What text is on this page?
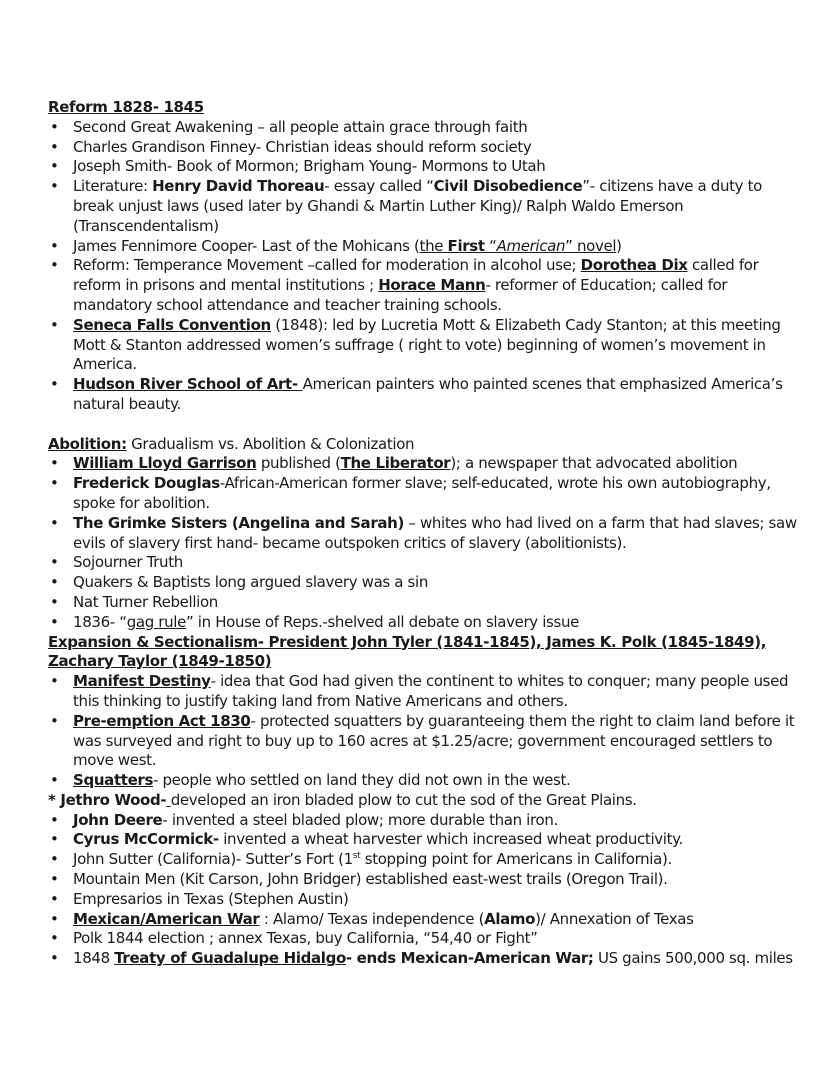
Reform 1828- 1845
• Second Great Awakening – all people attain grace through faith
• Charles Grandison Finney- Christian ideas should reform society
• Joseph Smith- Book of Mormon; Brigham Young- Mormons to Utah
• Literature: Henry David Thoreau- essay called “Civil Disobedience”- citizens have a duty to break unjust laws (used later by Ghandi & Martin Luther King)/ Ralph Waldo Emerson (Transcendentalism)
• James Fennimore Cooper- Last of the Mohicans (the First “American” novel)
• Reform: Temperance Movement –called for moderation in alcohol use; Dorothea Dix called for reform in prisons and mental institutions ; Horace Mann- reformer of Education; called for mandatory school attendance and teacher training schools.
• Seneca Falls Convention (1848): led by Lucretia Mott & Elizabeth Cady Stanton; at this meeting Mott & Stanton addressed women’s suffrage ( right to vote) beginning of women’s movement in America.
• Hudson River School of Art- American painters who painted scenes that emphasized America’s natural beauty.
Abolition: Gradualism vs. Abolition & Colonization
• William Lloyd Garrison published (The Liberator); a newspaper that advocated abolition
• Frederick Douglas-African-American former slave; self-educated, wrote his own autobiography, spoke for abolition.
• The Grimke Sisters (Angelina and Sarah) – whites who had lived on a farm that had slaves; saw evils of slavery first hand- became outspoken critics of slavery (abolitionists).
• Sojourner Truth
• Quakers & Baptists long argued slavery was a sin
• Nat Turner Rebellion
• 1836- “gag rule” in House of Reps.-shelved all debate on slavery issue
Expansion & Sectionalism- President John Tyler (1841-1845), James K. Polk (1845-1849), Zachary Taylor (1849-1850)
• Manifest Destiny- idea that God had given the continent to whites to conquer; many people used this thinking to justify taking land from Native Americans and others.
• Pre-emption Act 1830- protected squatters by guaranteeing them the right to claim land before it was surveyed and right to buy up to 160 acres at $1.25/acre; government encouraged settlers to move west.
• Squatters- people who settled on land they did not own in the west.
* Jethro Wood- developed an iron bladed plow to cut the sod of the Great Plains.
• John Deere- invented a steel bladed plow; more durable than iron.
• Cyrus McCormick- invented a wheat harvester which increased wheat productivity.
• John Sutter (California)- Sutter’s Fort (1st stopping point for Americans in California).
• Mountain Men (Kit Carson, John Bridger) established east-west trails (Oregon Trail).
• Empresarios in Texas (Stephen Austin)
• Mexican/American War : Alamo/ Texas independence (Alamo)/ Annexation of Texas
• Polk 1844 election ; annex Texas, buy California, “54,40 or Fight”
• 1848 Treaty of Guadalupe Hidalgo- ends Mexican-American War; US gains 500,000 sq. miles
